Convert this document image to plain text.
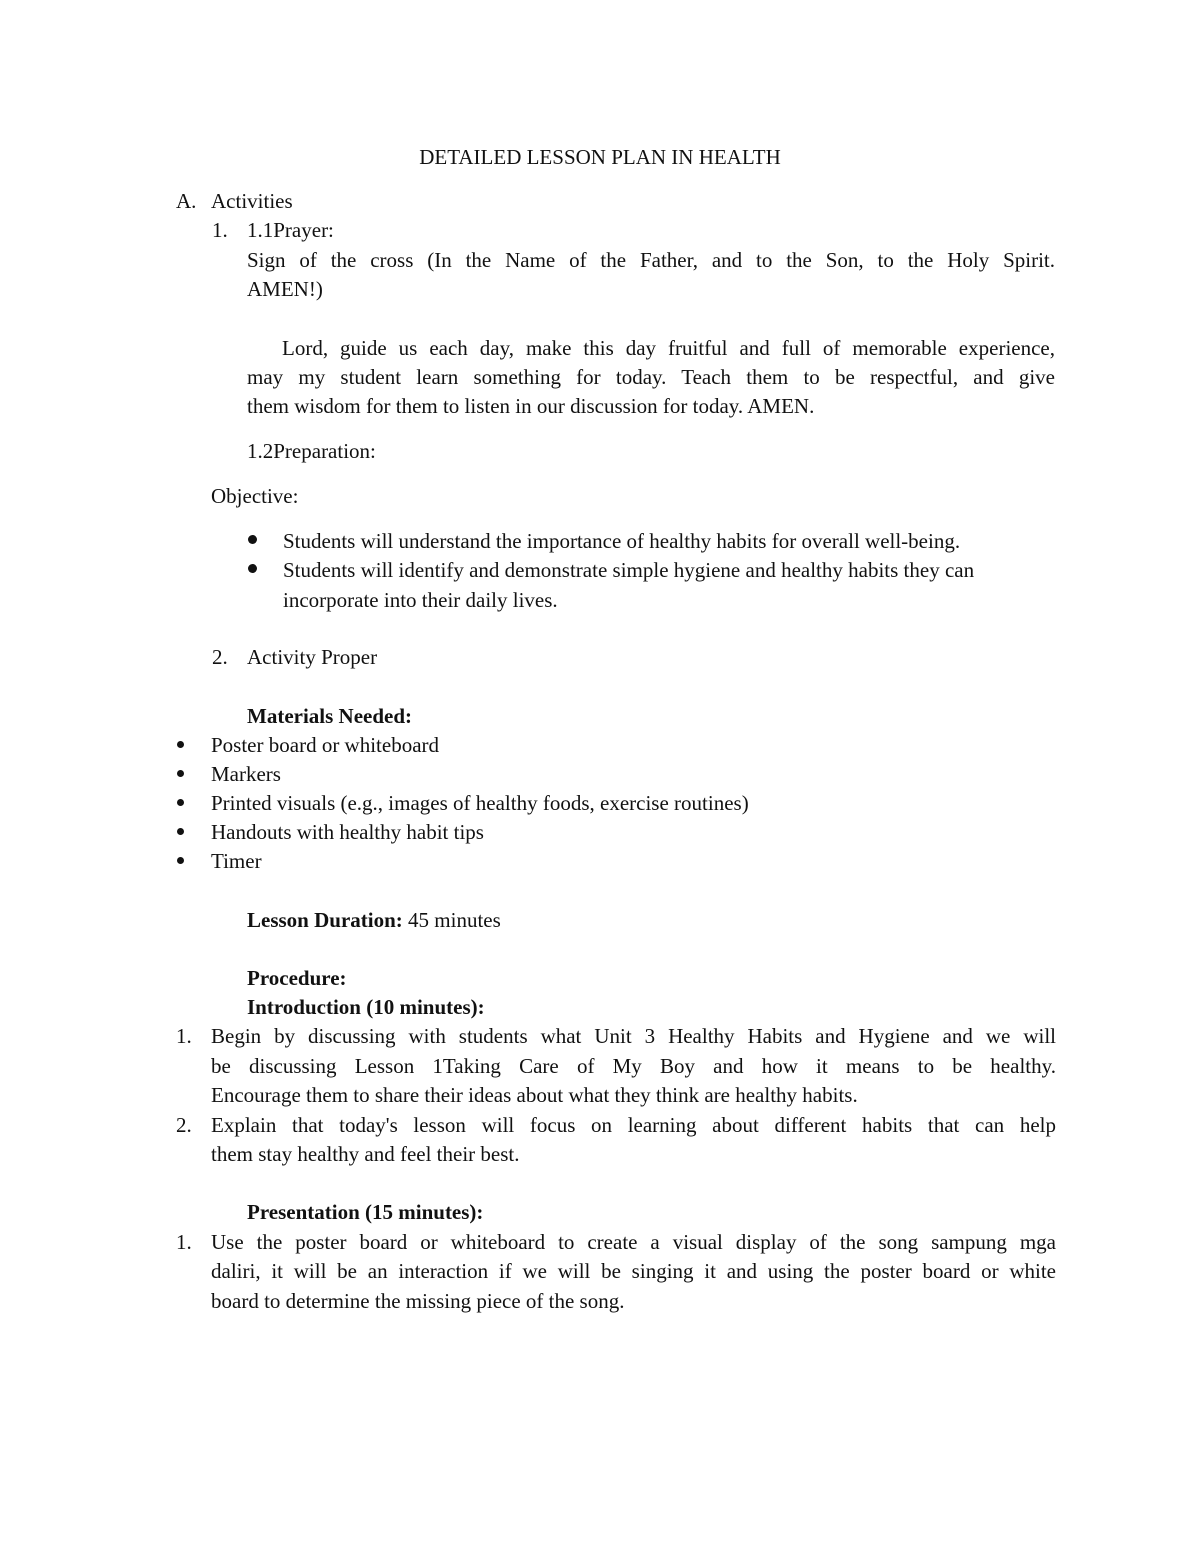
DETAILED LESSON PLAN IN HEALTH
A. Activities
1. 1.1Prayer:
Sign of the cross (In the Name of the Father, and to the Son, to the Holy Spirit.
AMEN!)
Lord, guide us each day, make this day fruitful and full of memorable experience,
may my student learn something for today. Teach them to be respectful, and give
them wisdom for them to listen in our discussion for today. AMEN.
1.2Preparation:
Objective:
Students will understand the importance of healthy habits for overall well-being.
Students will identify and demonstrate simple hygiene and healthy habits they can
incorporate into their daily lives.
2. Activity Proper
Materials Needed:
Poster board or whiteboard
Markers
Printed visuals (e.g., images of healthy foods, exercise routines)
Handouts with healthy habit tips
Timer
Lesson Duration: 45 minutes
Procedure:
Introduction (10 minutes):
1. Begin by discussing with students what Unit 3 Healthy Habits and Hygiene and we will
be discussing Lesson 1Taking Care of My Boy and how it means to be healthy.
Encourage them to share their ideas about what they think are healthy habits.
2. Explain that today's lesson will focus on learning about different habits that can help
them stay healthy and feel their best.
Presentation (15 minutes):
1. Use the poster board or whiteboard to create a visual display of the song sampung mga
daliri, it will be an interaction if we will be singing it and using the poster board or white
board to determine the missing piece of the song.
